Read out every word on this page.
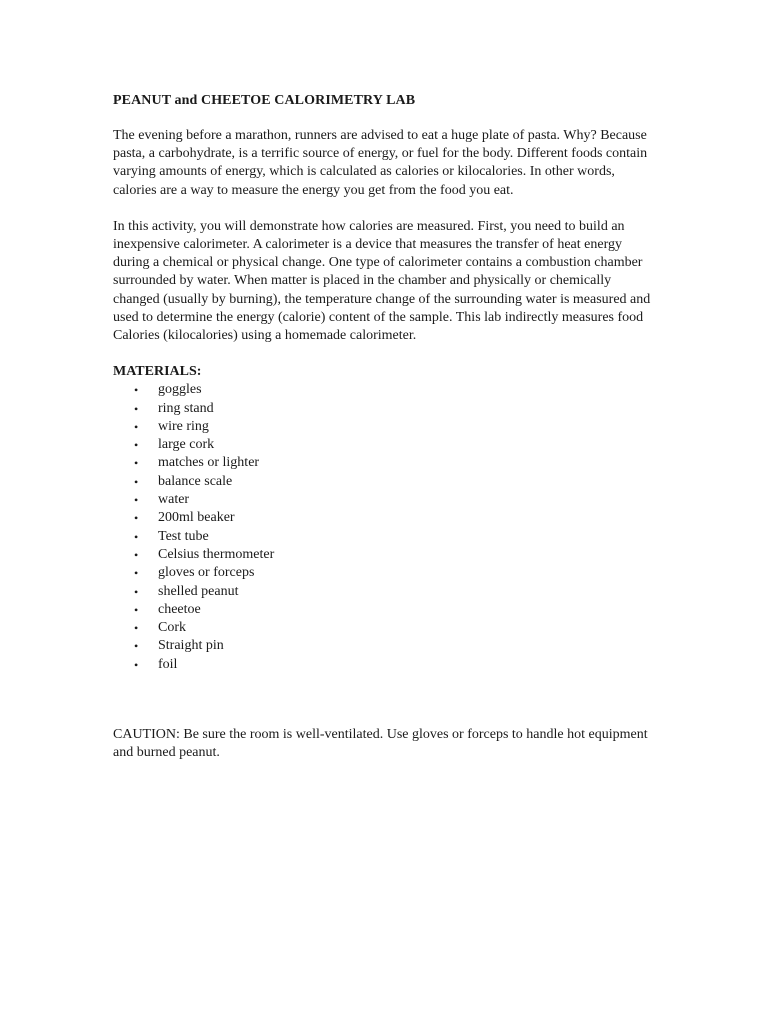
PEANUT and CHEETOE CALORIMETRY LAB

The evening before a marathon, runners are advised to eat a huge plate of pasta. Why? Because pasta, a carbohydrate, is a terrific source of energy, or fuel for the body. Different foods contain varying amounts of energy, which is calculated as calories or kilocalories. In other words, calories are a way to measure the energy you get from the food you eat.

In this activity, you will demonstrate how calories are measured. First, you need to build an inexpensive calorimeter. A calorimeter is a device that measures the transfer of heat energy during a chemical or physical change. One type of calorimeter contains a combustion chamber surrounded by water. When matter is placed in the chamber and physically or chemically changed (usually by burning), the temperature change of the surrounding water is measured and used to determine the energy (calorie) content of the sample. This lab indirectly measures food Calories (kilocalories) using a homemade calorimeter.

MATERIALS:
• goggles
• ring stand
• wire ring
• large cork
• matches or lighter
• balance scale
• water
• 200ml beaker
• Test tube
• Celsius thermometer
• gloves or forceps
• shelled peanut
• cheetoe
• Cork
• Straight pin
• foil

CAUTION: Be sure the room is well-ventilated. Use gloves or forceps to handle hot equipment and burned peanut.
